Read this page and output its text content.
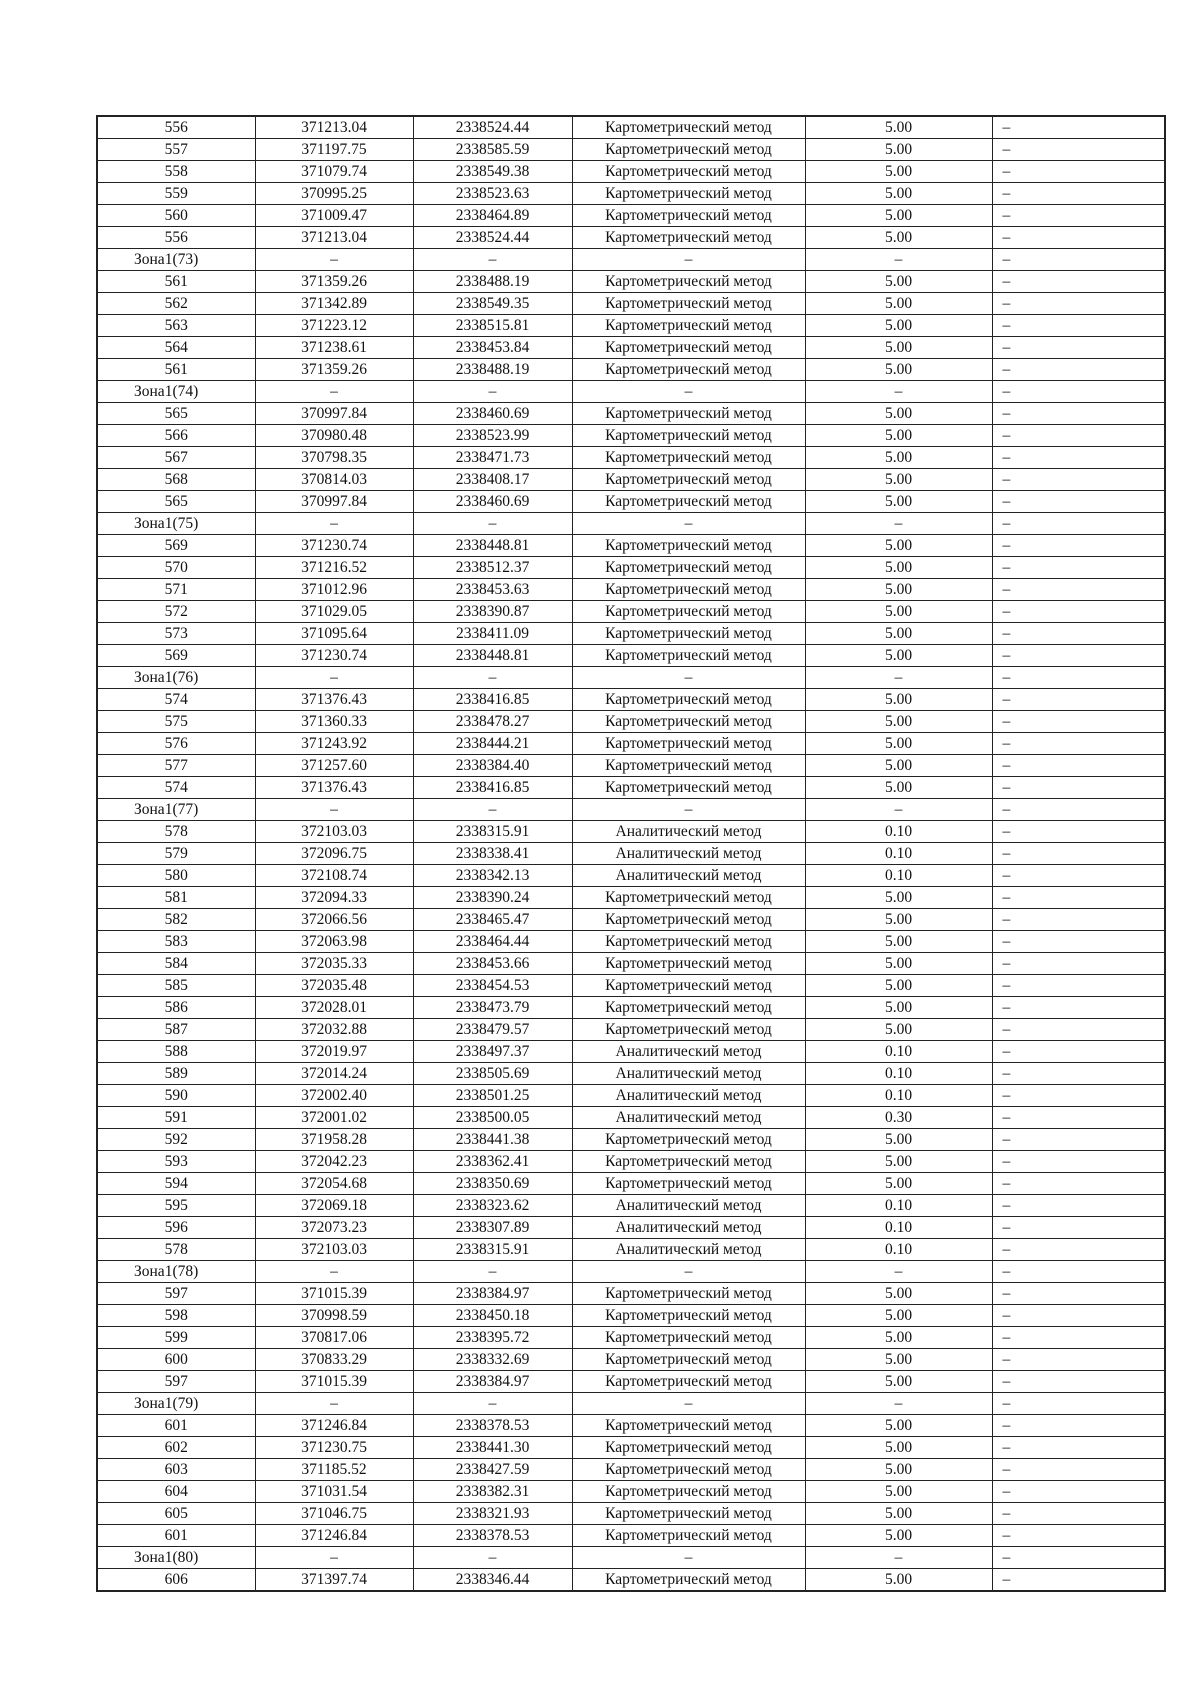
556	371213.04	2338524.44	Картометрический метод	5.00	–
557	371197.75	2338585.59	Картометрический метод	5.00	–
558	371079.74	2338549.38	Картометрический метод	5.00	–
559	370995.25	2338523.63	Картометрический метод	5.00	–
560	371009.47	2338464.89	Картометрический метод	5.00	–
556	371213.04	2338524.44	Картометрический метод	5.00	–
Зона1(73)	–	–	–	–	–
561	371359.26	2338488.19	Картометрический метод	5.00	–
562	371342.89	2338549.35	Картометрический метод	5.00	–
563	371223.12	2338515.81	Картометрический метод	5.00	–
564	371238.61	2338453.84	Картометрический метод	5.00	–
561	371359.26	2338488.19	Картометрический метод	5.00	–
Зона1(74)	–	–	–	–	–
565	370997.84	2338460.69	Картометрический метод	5.00	–
566	370980.48	2338523.99	Картометрический метод	5.00	–
567	370798.35	2338471.73	Картометрический метод	5.00	–
568	370814.03	2338408.17	Картометрический метод	5.00	–
565	370997.84	2338460.69	Картометрический метод	5.00	–
Зона1(75)	–	–	–	–	–
569	371230.74	2338448.81	Картометрический метод	5.00	–
570	371216.52	2338512.37	Картометрический метод	5.00	–
571	371012.96	2338453.63	Картометрический метод	5.00	–
572	371029.05	2338390.87	Картометрический метод	5.00	–
573	371095.64	2338411.09	Картометрический метод	5.00	–
569	371230.74	2338448.81	Картометрический метод	5.00	–
Зона1(76)	–	–	–	–	–
574	371376.43	2338416.85	Картометрический метод	5.00	–
575	371360.33	2338478.27	Картометрический метод	5.00	–
576	371243.92	2338444.21	Картометрический метод	5.00	–
577	371257.60	2338384.40	Картометрический метод	5.00	–
574	371376.43	2338416.85	Картометрический метод	5.00	–
Зона1(77)	–	–	–	–	–
578	372103.03	2338315.91	Аналитический метод	0.10	–
579	372096.75	2338338.41	Аналитический метод	0.10	–
580	372108.74	2338342.13	Аналитический метод	0.10	–
581	372094.33	2338390.24	Картометрический метод	5.00	–
582	372066.56	2338465.47	Картометрический метод	5.00	–
583	372063.98	2338464.44	Картометрический метод	5.00	–
584	372035.33	2338453.66	Картометрический метод	5.00	–
585	372035.48	2338454.53	Картометрический метод	5.00	–
586	372028.01	2338473.79	Картометрический метод	5.00	–
587	372032.88	2338479.57	Картометрический метод	5.00	–
588	372019.97	2338497.37	Аналитический метод	0.10	–
589	372014.24	2338505.69	Аналитический метод	0.10	–
590	372002.40	2338501.25	Аналитический метод	0.10	–
591	372001.02	2338500.05	Аналитический метод	0.30	–
592	371958.28	2338441.38	Картометрический метод	5.00	–
593	372042.23	2338362.41	Картометрический метод	5.00	–
594	372054.68	2338350.69	Картометрический метод	5.00	–
595	372069.18	2338323.62	Аналитический метод	0.10	–
596	372073.23	2338307.89	Аналитический метод	0.10	–
578	372103.03	2338315.91	Аналитический метод	0.10	–
Зона1(78)	–	–	–	–	–
597	371015.39	2338384.97	Картометрический метод	5.00	–
598	370998.59	2338450.18	Картометрический метод	5.00	–
599	370817.06	2338395.72	Картометрический метод	5.00	–
600	370833.29	2338332.69	Картометрический метод	5.00	–
597	371015.39	2338384.97	Картометрический метод	5.00	–
Зона1(79)	–	–	–	–	–
601	371246.84	2338378.53	Картометрический метод	5.00	–
602	371230.75	2338441.30	Картометрический метод	5.00	–
603	371185.52	2338427.59	Картометрический метод	5.00	–
604	371031.54	2338382.31	Картометрический метод	5.00	–
605	371046.75	2338321.93	Картометрический метод	5.00	–
601	371246.84	2338378.53	Картометрический метод	5.00	–
Зона1(80)	–	–	–	–	–
606	371397.74	2338346.44	Картометрический метод	5.00	–
